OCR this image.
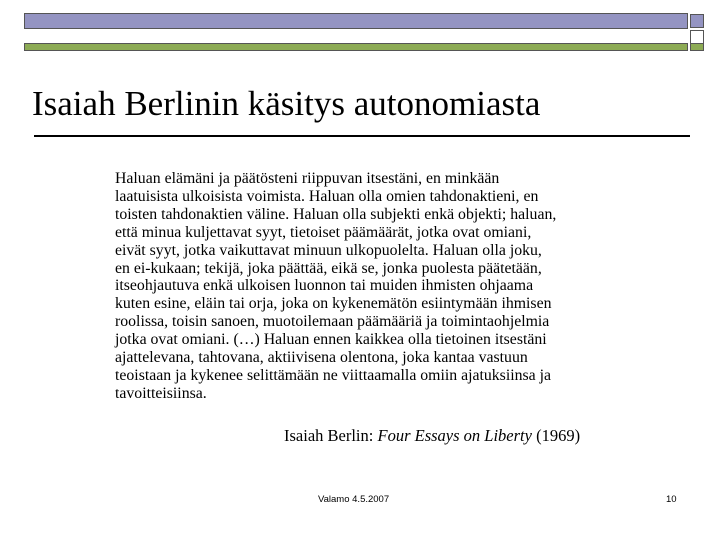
Isaiah Berlinin käsitys autonomiasta

Haluan elämäni ja päätösteni riippuvan itsestäni, en minkään
laatuisista ulkoisista voimista. Haluan olla omien tahdonaktieni, en
toisten tahdonaktien väline. Haluan olla subjekti enkä objekti; haluan,
että minua kuljettavat syyt, tietoiset päämäärät, jotka ovat omiani,
eivät syyt, jotka vaikuttavat minuun ulkopuolelta. Haluan olla joku,
en ei-kukaan; tekijä, joka päättää, eikä se, jonka puolesta päätetään,
itseohjautuva enkä ulkoisen luonnon tai muiden ihmisten ohjaama
kuten esine, eläin tai orja, joka on kykenemätön esiintymään ihmisen
roolissa, toisin sanoen, muotoilemaan päämääriä ja toimintaohjelmia
jotka ovat omiani. (…) Haluan ennen kaikkea olla tietoinen itsestäni
ajattelevana, tahtovana, aktiivisena olentona, joka kantaa vastuun
teoistaan ja kykenee selittämään ne viittaamalla omiin ajatuksiinsa ja
tavoitteisiinsa.

Isaiah Berlin: Four Essays on Liberty (1969)

Valamo 4.5.2007	10
